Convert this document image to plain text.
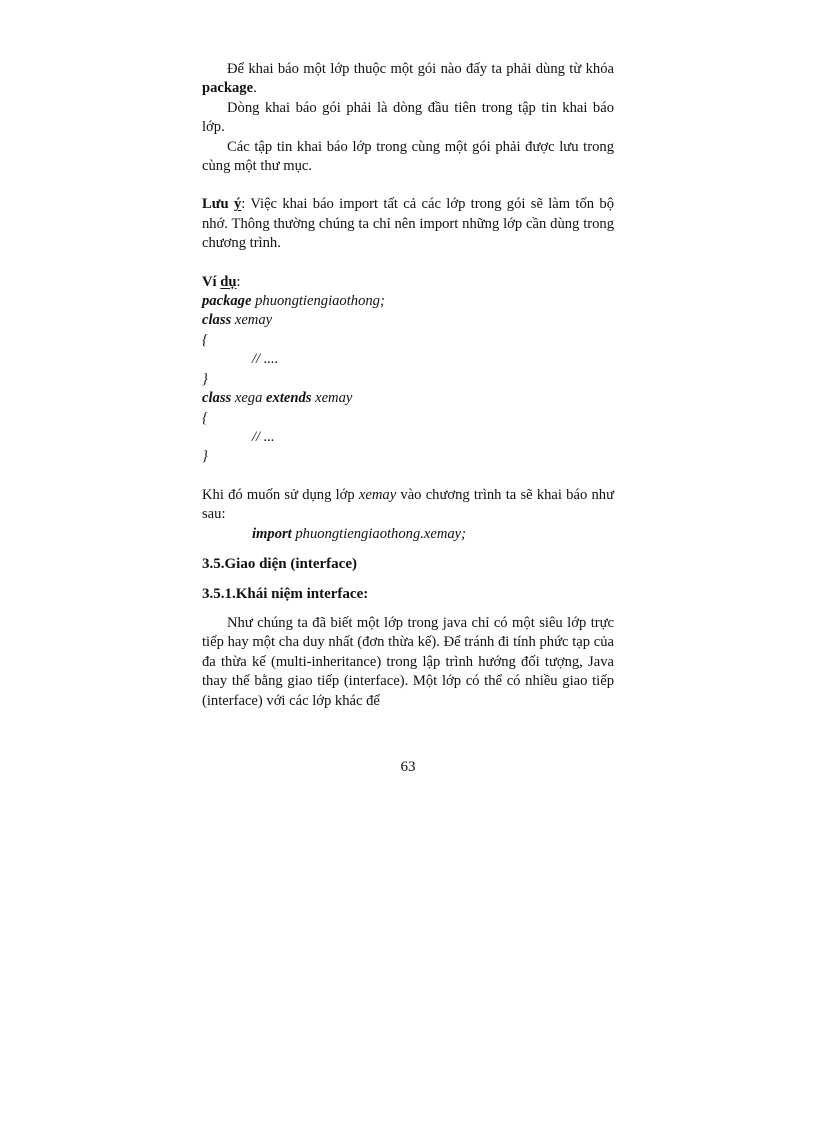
Để khai báo một lớp thuộc một gói nào đấy ta phải dùng từ khóa package.

Dòng khai báo gói phải là dòng đầu tiên trong tập tin khai báo lớp.

Các tập tin khai báo lớp trong cùng một gói phải được lưu trong cùng một thư mục.

Lưu ý: Việc khai báo import tất cả các lớp trong gói sẽ làm tốn bộ nhớ. Thông thường chúng ta chỉ nên import những lớp cần dùng trong chương trình.

Ví dụ:
package phuongtiengiaothong;
class xemay
{
// ....
}
class xega extends xemay
{
// ...
}

Khi đó muốn sử dụng lớp xemay vào chương trình ta sẽ khai báo như sau:

import phuongtiengiaothong.xemay;

3.5.Giao diện (interface)

3.5.1.Khái niệm interface:

Như chúng ta đã biết một lớp trong java chỉ có một siêu lớp trực tiếp hay một cha duy nhất (đơn thừa kế). Để tránh đi tính phức tạp của đa thừa kế (multi-inheritance) trong lập trình hướng đối tượng, Java thay thế bằng giao tiếp (interface). Một lớp có thể có nhiều giao tiếp (interface) với các lớp khác để

63
